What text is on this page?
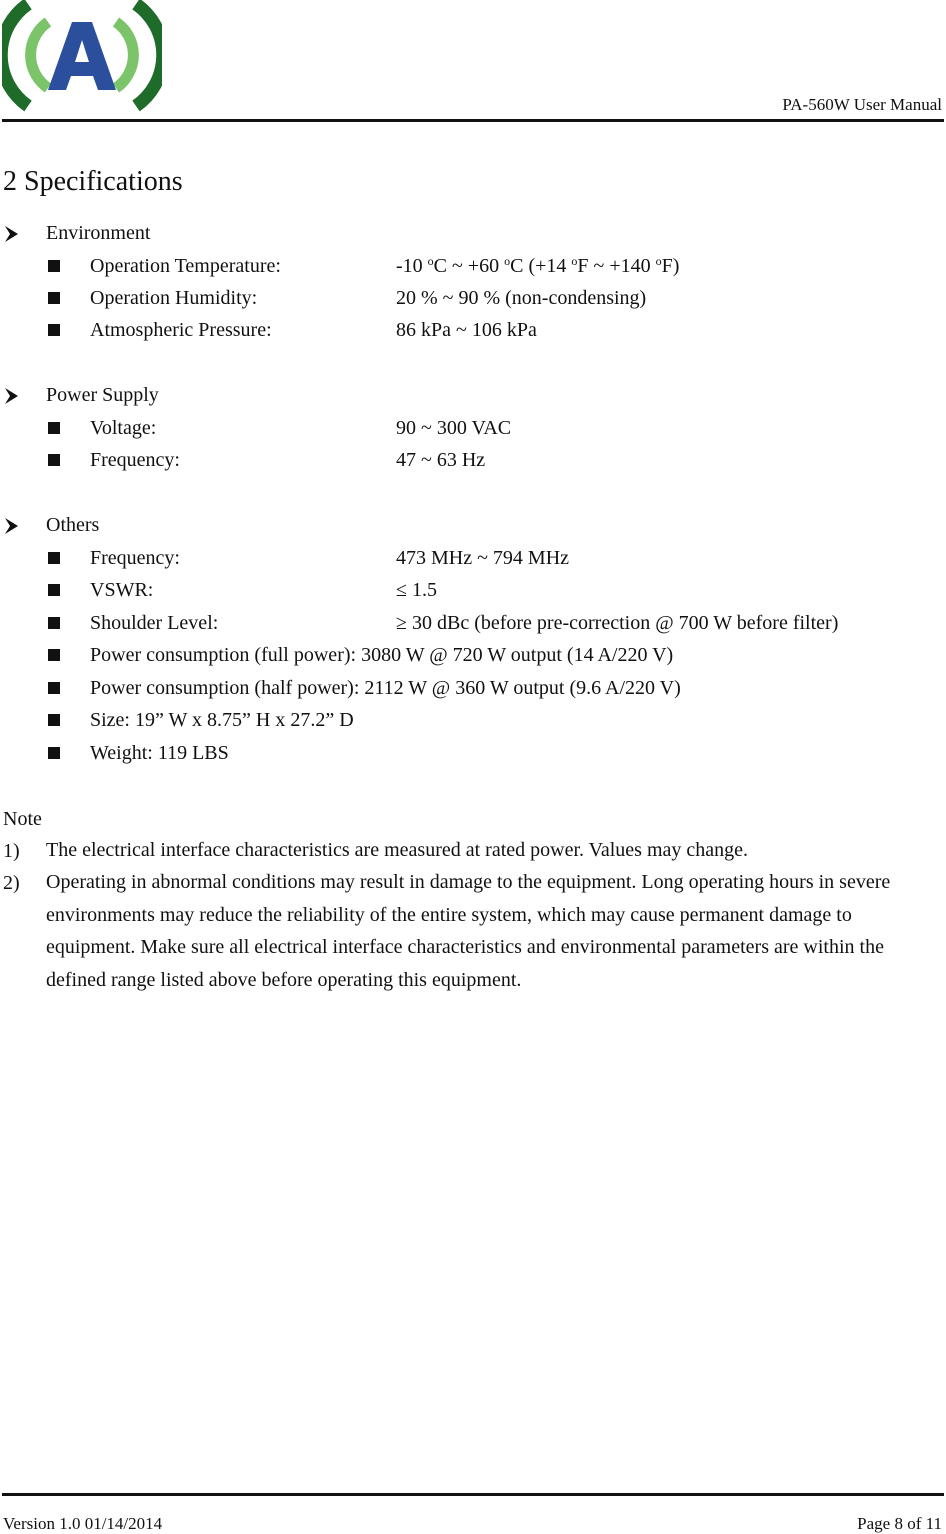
PA-560W User Manual
2 Specifications
Environment
Operation Temperature:	-10 $^o$C ~ +60 $^o$C (+14 $^o$F ~ +140 $^o$F)
Operation Humidity:	20 % ~ 90 % (non-condensing)
Atmospheric Pressure:	86 kPa ~ 106 kPa
Power Supply
Voltage:	90 ~ 300 VAC
Frequency:	47 ~ 63 Hz
Others
Frequency:	473 MHz ~ 794 MHz
VSWR:	≤ 1.5
Shoulder Level:	≥ 30 dBc (before pre-correction @ 700 W before filter)
Power consumption (full power): 3080 W @ 720 W output (14 A/220 V)
Power consumption (half power): 2112 W @ 360 W output (9.6 A/220 V)
Size: 19” W x 8.75” H x 27.2” D
Weight: 119 LBS
Note
1) The electrical interface characteristics are measured at rated power. Values may change.
2) Operating in abnormal conditions may result in damage to the equipment. Long operating hours in severe environments may reduce the reliability of the entire system, which may cause permanent damage to equipment. Make sure all electrical interface characteristics and environmental parameters are within the defined range listed above before operating this equipment.
Version 1.0 01/14/2014	Page 8 of 11
